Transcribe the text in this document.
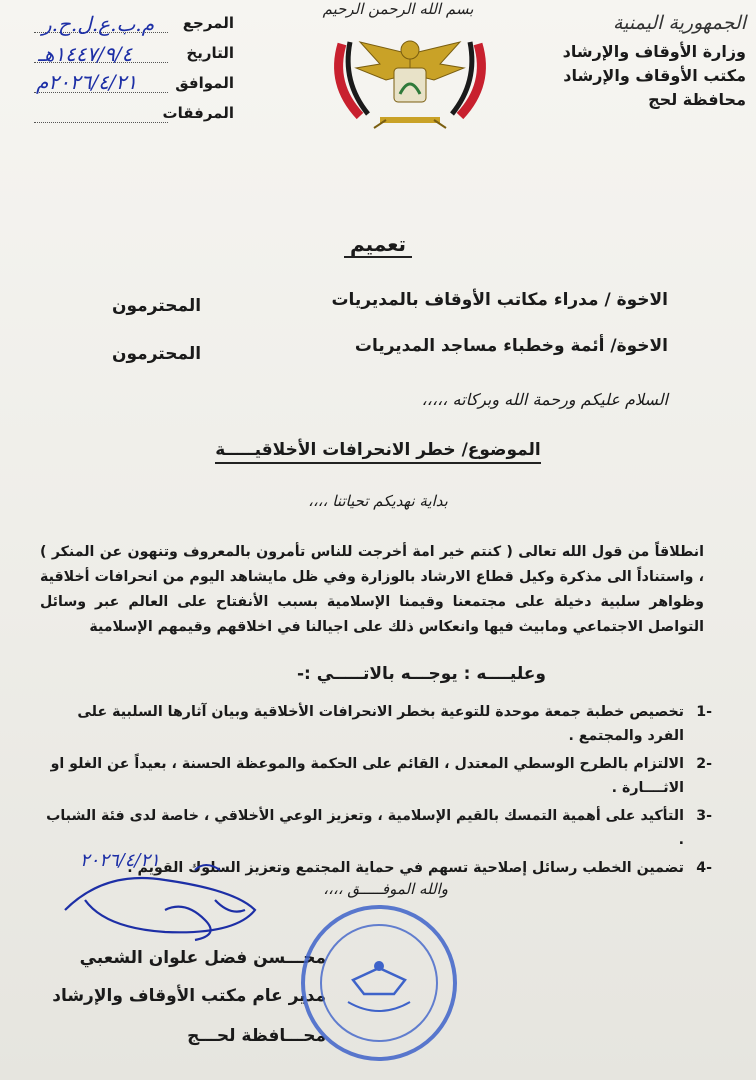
الجمهورية اليمنية
وزارة الأوقاف والإرشاد
مكتب الأوقاف والإرشاد
محافظة لحج
بسم الله الرحمن الرحيم
المرجع
التاريخ
الموافق
المرفقات
م.ب.ع.ل.ح.ر
١٤٤٧/٩/٤هـ
٢٠٢٦/٤/٢١م
تعميم
الاخوة / مدراء مكاتب الأوقاف بالمديريات
المحترمون
الاخوة/ أئمة وخطباء مساجد المديريات
المحترمون
السلام عليكم ورحمة الله وبركاته ،،،،،
الموضوع/ خطر الانحرافات الأخلاقيـــــة
بداية نهديكم تحياتنا ،،،،
انطلاقاً من قول الله تعالى ( كنتم خير امة أخرجت للناس تأمرون بالمعروف وتنهون عن المنكر ) ، واستناداً الى مذكرة وكيل قطاع الارشاد بالوزارة وفي ظل مايشاهد اليوم من انحرافات أخلاقية وظواهر سلبية دخيلة على مجتمعنا وقيمنا الإسلامية بسبب الأنفتاح على العالم عبر وسائل التواصل الاجتماعي ومابيث فيها وانعكاس ذلك على اجيالنا في اخلاقهم وقيمهم الإسلامية
وعليــــه : يوجـــه بالاتـــــي :-
-1
تخصيص خطبة جمعة موحدة للتوعية بخطر الانحرافات الأخلاقية وبيان آثارها السلبية على الفرد والمجتمع .
-2
الالتزام بالطرح الوسطي المعتدل ، القائم على الحكمة والموعظة الحسنة ، بعيداً عن الغلو او الاثــــارة .
-3
التأكيد على أهمية التمسك بالقيم الإسلامية ، وتعزيز الوعي الأخلاقي ، خاصة لدى فئة الشباب .
-4
تضمين الخطب رسائل إصلاحية تسهم في حماية المجتمع وتعزيز السلوك القويم .
والله الموفـــــق ،،،،
٢٠٢٦/٤/٢١
محـــسن فضل علوان الشعبي
مدير عام مكتب الأوقاف والإرشاد
محـــافظة لحـــج
